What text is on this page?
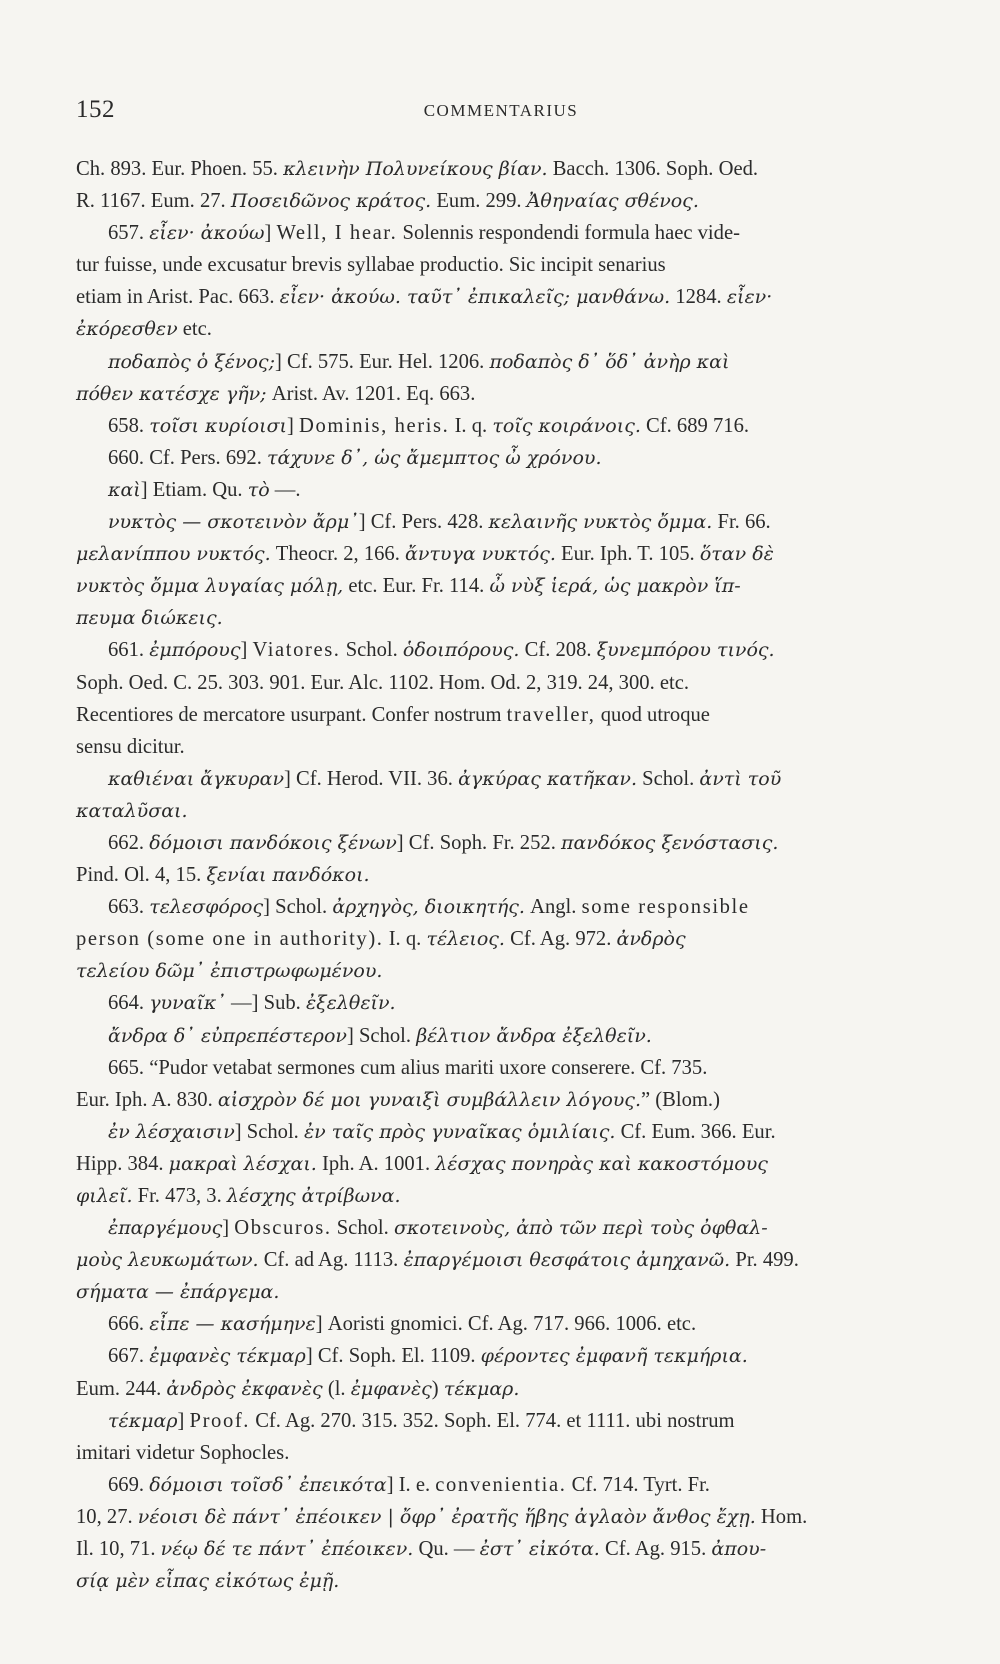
152	COMMENTARIUS
Ch. 893. Eur. Phoen. 55. κλεινὴν Πολυνείκους βίαν. Bacch. 1306. Soph. Oed.
R. 1167. Eum. 27. Ποσειδῶνος κράτος. Eum. 299. Ἀθηναίας σθένος.
657. εἶεν· ἀκούω] Well, I hear. Solennis respondendi formula haec vide-
tur fuisse, unde excusatur brevis syllabae productio. Sic incipit senarius
etiam in Arist. Pac. 663. εἶεν· ἀκούω. ταῦτ᾽ ἐπικαλεῖς; μανθάνω. 1284. εἶεν·
ἐκόρεσθεν etc.
ποδαπὸς ὁ ξένος;] Cf. 575. Eur. Hel. 1206. ποδαπὸς δ᾽ ὅδ᾽ ἀνὴρ καὶ
πόθεν κατέσχε γῆν; Arist. Av. 1201. Eq. 663.
658. τοῖσι κυρίοισι] Dominis, heris. I. q. τοῖς κοιράνοις. Cf. 689 716.
660. Cf. Pers. 692. τάχυνε δ᾽, ὡς ἄμεμπτος ὦ χρόνου.
καὶ] Etiam. Qu. τὸ —.
νυκτὸς — σκοτεινὸν ἄρμ᾽] Cf. Pers. 428. κελαινῆς νυκτὸς ὄμμα. Fr. 66.
μελανίππου νυκτός. Theocr. 2, 166. ἄντυγα νυκτός. Eur. Iph. T. 105. ὅταν δὲ
νυκτὸς ὄμμα λυγαίας μόλῃ, etc. Eur. Fr. 114. ὦ νὺξ ἱερά, ὡς μακρὸν ἵπ-
πευμα διώκεις.
661. ἐμπόρους] Viatores. Schol. ὁδοιπόρους. Cf. 208. ξυνεμπόρου τινός.
Soph. Oed. C. 25. 303. 901. Eur. Alc. 1102. Hom. Od. 2, 319. 24, 300. etc.
Recentiores de mercatore usurpant. Confer nostrum traveller, quod utroque
sensu dicitur.
καθιέναι ἄγκυραν] Cf. Herod. VII. 36. ἀγκύρας κατῆκαν. Schol. ἀντὶ τοῦ
καταλῦσαι.
662. δόμοισι πανδόκοις ξένων] Cf. Soph. Fr. 252. πανδόκος ξενόστασις.
Pind. Ol. 4, 15. ξενίαι πανδόκοι.
663. τελεσφόρος] Schol. ἀρχηγὸς, διοικητής. Angl. some responsible
person (some one in authority). I. q. τέλειος. Cf. Ag. 972. ἀνδρὸς
τελείου δῶμ᾽ ἐπιστρωφωμένου.
664. γυναῖκ᾽ —] Sub. ἐξελθεῖν.
ἄνδρα δ᾽ εὐπρεπέστερον] Schol. βέλτιον ἄνδρα ἐξελθεῖν.
665. “Pudor vetabat sermones cum alius mariti uxore conserere. Cf. 735.
Eur. Iph. A. 830. αἰσχρὸν δέ μοι γυναιξὶ συμβάλλειν λόγους.” (Blom.)
ἐν λέσχαισιν] Schol. ἐν ταῖς πρὸς γυναῖκας ὁμιλίαις. Cf. Eum. 366. Eur.
Hipp. 384. μακραὶ λέσχαι. Iph. A. 1001. λέσχας πονηρὰς καὶ κακοστόμους
φιλεῖ. Fr. 473, 3. λέσχης ἀτρίβωνα.
ἐπαργέμους] Obscuros. Schol. σκοτεινοὺς, ἀπὸ τῶν περὶ τοὺς ὀφθαλ-
μοὺς λευκωμάτων. Cf. ad Ag. 1113. ἐπαργέμοισι θεσφάτοις ἀμηχανῶ. Pr. 499.
σήματα — ἐπάργεμα.
666. εἶπε — κασήμηνε] Aoristi gnomici. Cf. Ag. 717. 966. 1006. etc.
667. ἐμφανὲς τέκμαρ] Cf. Soph. El. 1109. φέροντες ἐμφανῆ τεκμήρια.
Eum. 244. ἀνδρὸς ἐκφανὲς (l. ἐμφανὲς) τέκμαρ.
τέκμαρ] Proof. Cf. Ag. 270. 315. 352. Soph. El. 774. et 1111. ubi nostrum
imitari videtur Sophocles.
669. δόμοισι τοῖσδ᾽ ἐπεικότα] I. e. convenientia. Cf. 714. Tyrt. Fr.
10, 27. νέοισι δὲ πάντ᾽ ἐπέοικεν | ὄφρ᾽ ἐρατῆς ἥβης ἀγλαὸν ἄνθος ἔχῃ. Hom.
Il. 10, 71. νέῳ δέ τε πάντ᾽ ἐπέοικεν. Qu. — ἐστ᾽ εἰκότα. Cf. Ag. 915. ἀπου-
σίᾳ μὲν εἶπας εἰκότως ἐμῇ.
